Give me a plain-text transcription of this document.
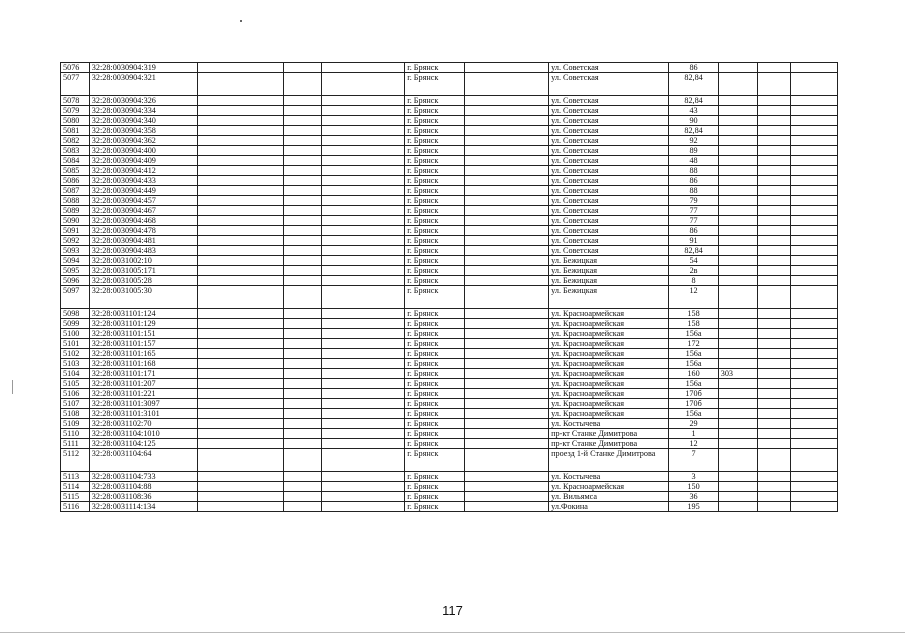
5076	32:28:0030904:319				г. Брянск		ул. Советская	86			
5077	32:28:0030904:321				г. Брянск		ул. Советская	82,84			
5078	32:28:0030904:326				г. Брянск		ул. Советская	82,84			
5079	32:28:0030904:334				г. Брянск		ул. Советская	43			
5080	32:28:0030904:340				г. Брянск		ул. Советская	90			
5081	32:28:0030904:358				г. Брянск		ул. Советская	82,84			
5082	32:28:0030904:362				г. Брянск		ул. Советская	92			
5083	32:28:0030904:400				г. Брянск		ул. Советская	89			
5084	32:28:0030904:409				г. Брянск		ул. Советская	48			
5085	32:28:0030904:412				г. Брянск		ул. Советская	88			
5086	32:28:0030904:433				г. Брянск		ул. Советская	86			
5087	32:28:0030904:449				г. Брянск		ул. Советская	88			
5088	32:28:0030904:457				г. Брянск		ул. Советская	79			
5089	32:28:0030904:467				г. Брянск		ул. Советская	77			
5090	32:28:0030904:468				г. Брянск		ул. Советская	77			
5091	32:28:0030904:478				г. Брянск		ул. Советская	86			
5092	32:28:0030904:481				г. Брянск		ул. Советская	91			
5093	32:28:0030904:483				г. Брянск		ул. Советская	82,84			
5094	32:28:0031002:10				г. Брянск		ул. Бежицкая	54			
5095	32:28:0031005:171				г. Брянск		ул. Бежицкая	2в			
5096	32:28:0031005:28				г. Брянск		ул. Бежицкая	8			
5097	32:28:0031005:30				г. Брянск		ул. Бежицкая	12			
5098	32:28:0031101:124				г. Брянск		ул. Красноармейская	158			
5099	32:28:0031101:129				г. Брянск		ул. Красноармейская	158			
5100	32:28:0031101:151				г. Брянск		ул. Красноармейская	156а			
5101	32:28:0031101:157				г. Брянск		ул. Красноармейская	172			
5102	32:28:0031101:165				г. Брянск		ул. Красноармейская	156а			
5103	32:28:0031101:168				г. Брянск		ул. Красноармейская	156а			
5104	32:28:0031101:171				г. Брянск		ул. Красноармейская	160	303		
5105	32:28:0031101:207				г. Брянск		ул. Красноармейская	156а			
5106	32:28:0031101:221				г. Брянск		ул. Красноармейская	170б			
5107	32:28:0031101:3097				г. Брянск		ул. Красноармейская	170б			
5108	32:28:0031101:3101				г. Брянск		ул. Красноармейская	156а			
5109	32:28:0031102:70				г. Брянск		ул. Костычева	29			
5110	32:28:0031104:1010				г. Брянск		пр-кт Станке Димитрова	1			
5111	32:28:0031104:125				г. Брянск		пр-кт Станке Димитрова	12			
5112	32:28:0031104:64				г. Брянск		проезд 1-й Станке Димитрова	7			
5113	32:28:0031104:733				г. Брянск		ул. Костычева	3			
5114	32:28:0031104:88				г. Брянск		ул. Красноармейская	150			
5115	32:28:0031108:36				г. Брянск		ул. Вильямса	36			
5116	32:28:0031114:134				г. Брянск		ул.Фокина	195			
117
